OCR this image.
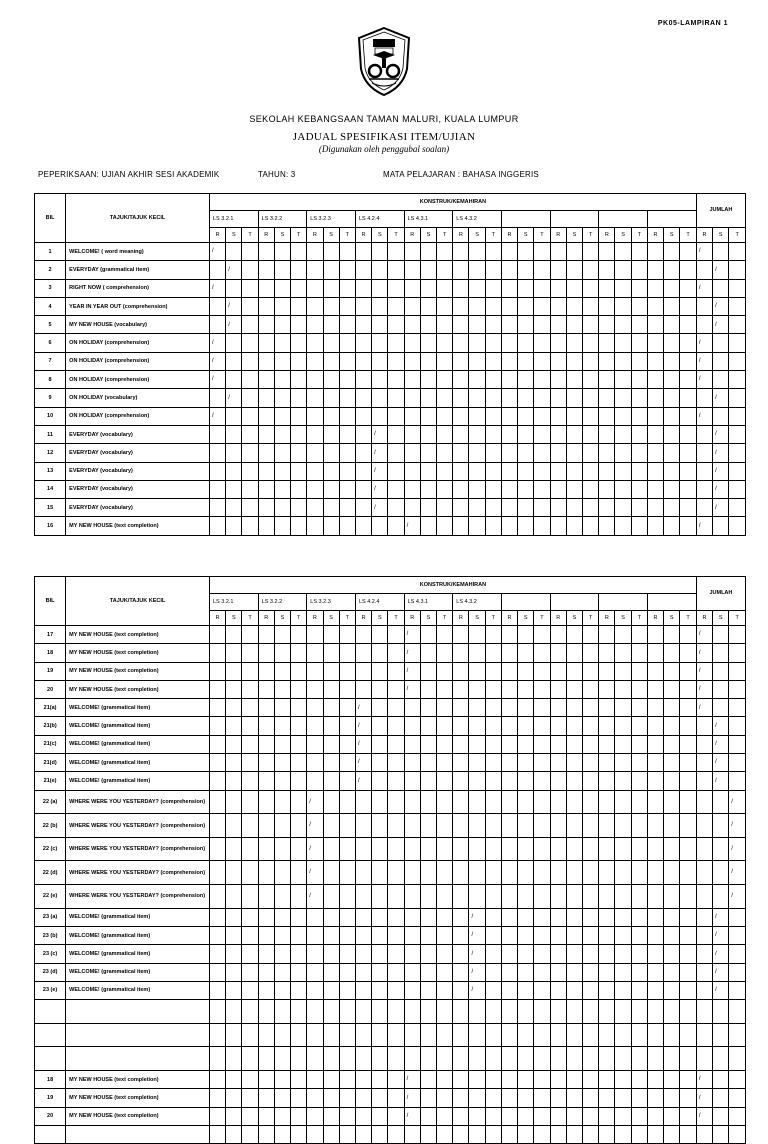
PK05-LAMPIRAN 1
SEKOLAH KEBANGSAAN TAMAN MALURI, KUALA LUMPUR
JADUAL SPESIFIKASI ITEM/UJIAN
(Digunakan oleh penggubal soalan)
PEPERIKSAAN: UJIAN AKHIR SESI AKADEMIK	TAHUN: 3	MATA PELAJARAN : BAHASA INGGERIS
BIL	TAJUK/TAJUK KECIL	KONSTRUK/KEMAHIRAN																														JUMLAH		
		LS 3.2.1			LS 3.2.2			LS 3.2.3			LS 4.2.4			LS 4.3.1			LS 4.3.2																	
		R	S	T	R	S	T	R	S	T	R	S	T	R	S	T	R	S	T	R	S	T	R	S	T	R	S	T	R	S	T	R	S	T
1	WELCOME! ( word meaning)	/																														/		
2	EVERYDAY (grammatical item)		/																														/	
3	RIGHT NOW ( comprehension)	/																														/		
4	YEAR IN YEAR OUT (comprehension)		/																														/	
5	MY NEW HOUSE (vocabulary)		/																														/	
6	ON HOLIDAY (comprehension)	/																														/		
7	ON HOLIDAY (comprehension)	/																														/		
8	ON HOLIDAY (comprehension)	/																														/		
9	ON HOLIDAY (vocabulary)		/																														/	
10	ON HOLIDAY (comprehension)	/																														/		
11	EVERYDAY (vocabulary)											/																					/	
12	EVERYDAY (vocabulary)											/																					/	
13	EVERYDAY (vocabulary)											/																					/	
14	EVERYDAY (vocabulary)											/																					/	
15	EVERYDAY (vocabulary)											/																					/	
16	MY NEW HOUSE (text completion)													/																		/		
BIL	TAJUK/TAJUK KECIL	KONSTRUK/KEMAHIRAN																														JUMLAH		
		LS 3.2.1			LS 3.2.2			LS 3.2.3			LS 4.2.4			LS 4.3.1			LS 4.3.2																	
		R	S	T	R	S	T	R	S	T	R	S	T	R	S	T	R	S	T	R	S	T	R	S	T	R	S	T	R	S	T	R	S	T
17	MY NEW HOUSE (text completion)													/																		/		
18	MY NEW HOUSE (text completion)													/																		/		
19	MY NEW HOUSE (text completion)													/																		/		
20	MY NEW HOUSE (text completion)													/																		/		
21(a)	WELCOME! (grammatical item)										/																					/		
21(b)	WELCOME! (grammatical item)										/																						/	
21(c)	WELCOME! (grammatical item)										/																						/	
21(d)	WELCOME! (grammatical item)										/																						/	
21(e)	WELCOME! (grammatical item)										/																						/	
22 (a)	WHERE WERE YOU YESTERDAY? (comprehension)							/																										/
22 (b)	WHERE WERE YOU YESTERDAY? (comprehension)							/																										/
22 (c)	WHERE WERE YOU YESTERDAY? (comprehension)							/																										/
22 (d)	WHERE WERE YOU YESTERDAY? (comprehension)							/																										/
22 (e)	WHERE WERE YOU YESTERDAY? (comprehension)							/																										/
23 (a)	WELCOME! (grammatical item)																	/															/	
23 (b)	WELCOME! (grammatical item)																	/															/	
23 (c)	WELCOME! (grammatical item)																	/															/	
23 (d)	WELCOME! (grammatical item)																	/															/	
23 (e)	WELCOME! (grammatical item)																	/															/	

18	MY NEW HOUSE (text completion)													/																		/		
19	MY NEW HOUSE (text completion)													/																		/		
20	MY NEW HOUSE (text completion)													/																		/		
